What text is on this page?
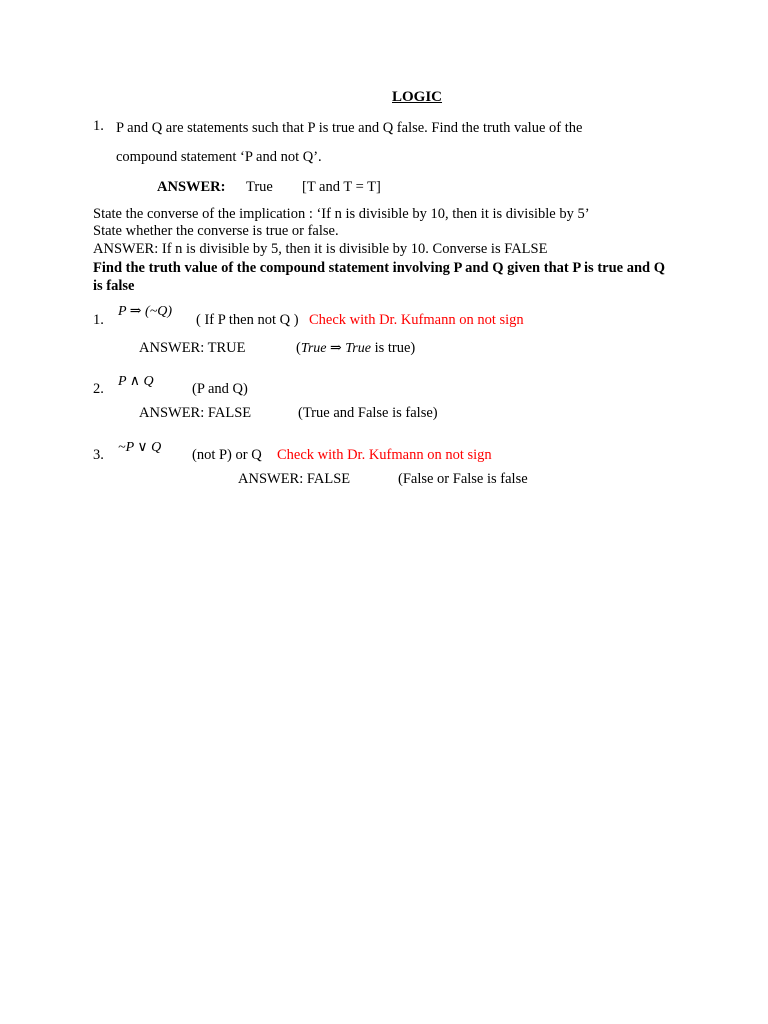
LOGIC
1. P and Q are statements such that P is true and Q false. Find the truth value of the
compound statement ‘P and not Q’.
ANSWER: True [T and T = T]
State the converse of the implication : ‘If n is divisible by 10, then it is divisible by 5’
State whether the converse is true or false.
ANSWER: If n is divisible by 5, then it is divisible by 10. Converse is FALSE
Find the truth value of the compound statement involving P and Q given that P is true and Q is false
1.
P ⇒ (~Q)
( If P then not Q ) Check with Dr. Kufmann on not sign
ANSWER: TRUE	(True ⇒ True is true)
2. P ∧ Q	(P and Q)
ANSWER: FALSE	(True and False is false)
3. ~P ∨ Q (not P) or Q Check with Dr. Kufmann on not sign
ANSWER: FALSE	(False or False is false
